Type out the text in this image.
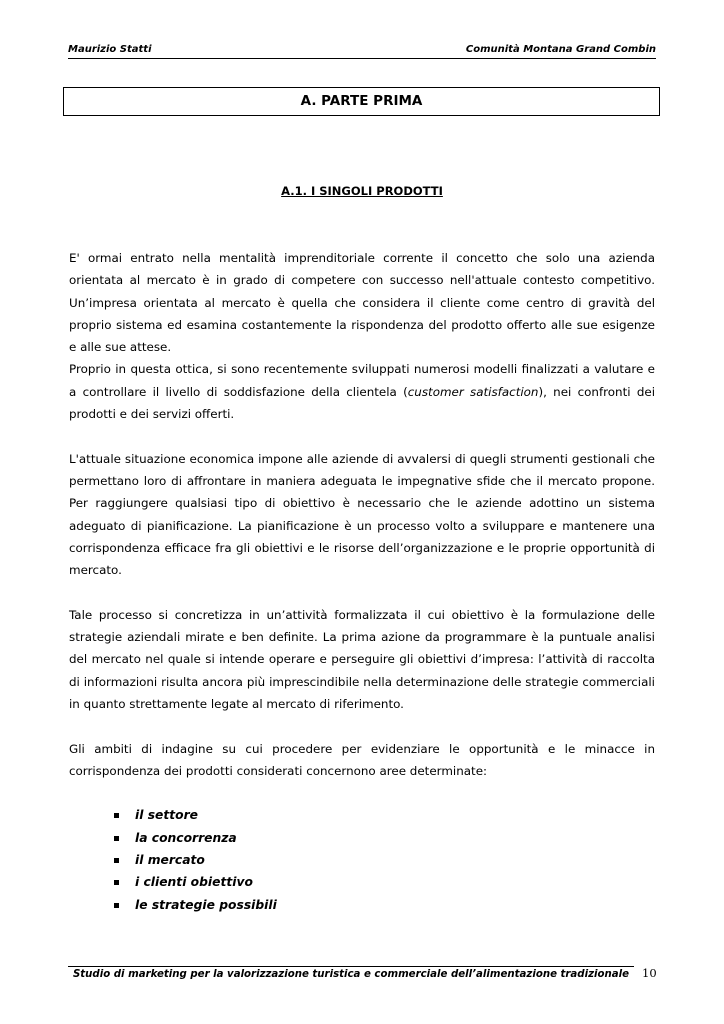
Maurizio Statti	Comunità Montana Grand Combin
A. PARTE PRIMA
A.1. I SINGOLI PRODOTTI

E' ormai entrato nella mentalità imprenditoriale corrente il concetto che solo una azienda orientata al mercato è in grado di competere con successo nell'attuale contesto competitivo. Un’impresa orientata al mercato è quella che considera il cliente come centro di gravità del proprio sistema ed esamina costantemente la rispondenza del prodotto offerto alle sue esigenze e alle sue attese.

Proprio in questa ottica, si sono recentemente sviluppati numerosi modelli finalizzati a valutare e a controllare il livello di soddisfazione della clientela (customer satisfaction), nei confronti dei prodotti e dei servizi offerti.

L'attuale situazione economica impone alle aziende di avvalersi di quegli strumenti gestionali che permettano loro di affrontare in maniera adeguata le impegnative sfide che il mercato propone. Per raggiungere qualsiasi tipo di obiettivo è necessario che le aziende adottino un sistema adeguato di pianificazione. La pianificazione è un processo volto a sviluppare e mantenere una corrispondenza efficace fra gli obiettivi e le risorse dell’organizzazione e le proprie opportunità di mercato.

Tale processo si concretizza in un’attività formalizzata il cui obiettivo è la formulazione delle strategie aziendali mirate e ben definite. La prima azione da programmare è la puntuale analisi del mercato nel quale si intende operare e perseguire gli obiettivi d’impresa: l’attività di raccolta di informazioni risulta ancora più imprescindibile nella determinazione delle strategie commerciali in quanto strettamente legate al mercato di riferimento.

Gli ambiti di indagine su cui procedere per evidenziare le opportunità e le minacce in corrispondenza dei prodotti considerati concernono aree determinate:

il settore
la concorrenza
il mercato
i clienti obiettivo
le strategie possibili
Studio di marketing per la valorizzazione turistica e commerciale dell’alimentazione tradizionale	10
